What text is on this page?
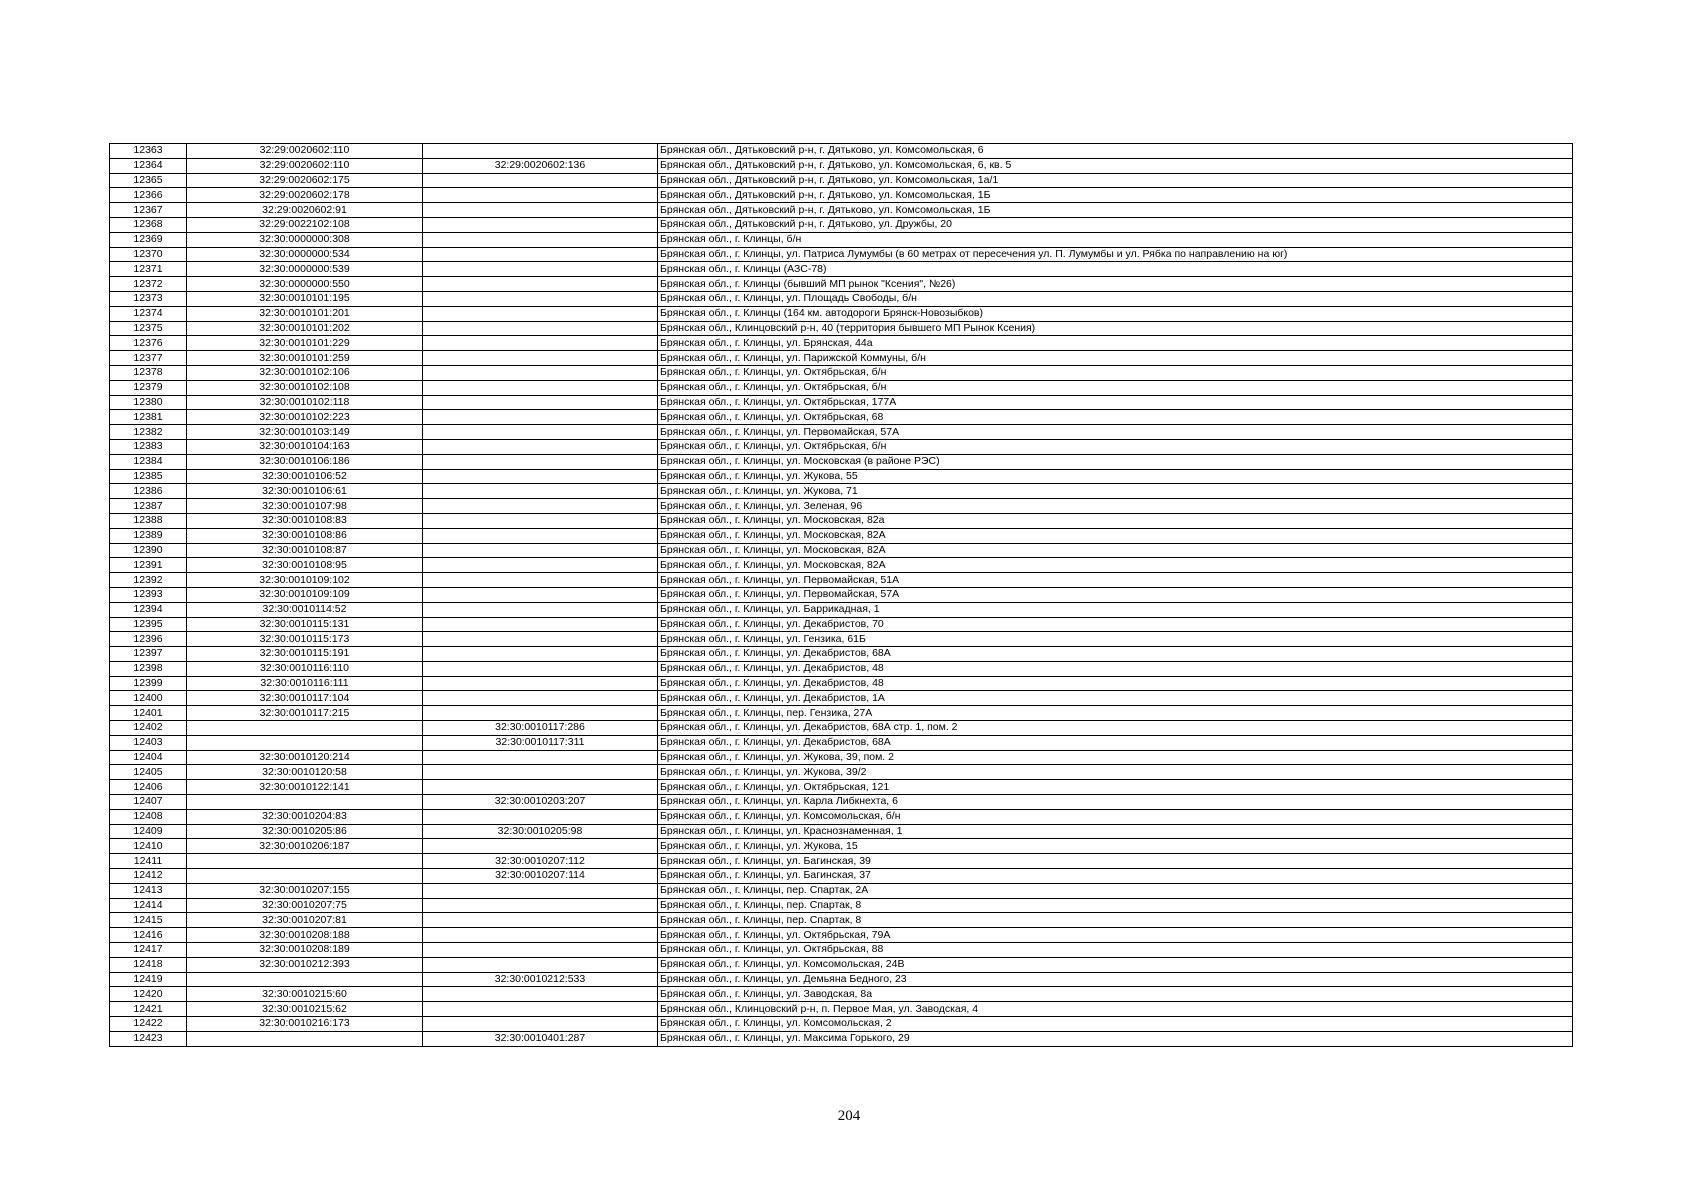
12363	32:29:0020602:110		Брянская обл., Дятьковский р-н, г. Дятьково, ул. Комсомольская, 6
12364	32:29:0020602:110	32:29:0020602:136	Брянская обл., Дятьковский р-н, г. Дятьково, ул. Комсомольская, 6, кв. 5
12365	32:29:0020602:175		Брянская обл., Дятьковский р-н, г. Дятьково, ул. Комсомольская, 1а/1
12366	32:29:0020602:178		Брянская обл., Дятьковский р-н, г. Дятьково, ул. Комсомольская, 1Б
12367	32:29:0020602:91		Брянская обл., Дятьковский р-н, г. Дятьково, ул. Комсомольская, 1Б
12368	32:29:0022102:108		Брянская обл., Дятьковский р-н, г. Дятьково, ул. Дружбы, 20
12369	32:30:0000000:308		Брянская обл., г. Клинцы, б/н
12370	32:30:0000000:534		Брянская обл., г. Клинцы, ул. Патриса Лумумбы (в 60 метрах от пересечения ул. П. Лумумбы и ул. Рябка по направлению на юг)
12371	32:30:0000000:539		Брянская обл., г. Клинцы (АЗС-78)
12372	32:30:0000000:550		Брянская обл., г. Клинцы (бывший МП рынок "Ксения", №26)
12373	32:30:0010101:195		Брянская обл., г. Клинцы, ул. Площадь Свободы, б/н
12374	32:30:0010101:201		Брянская обл., г. Клинцы (164 км. автодороги Брянск-Новозыбков)
12375	32:30:0010101:202		Брянская обл., Клинцовский р-н, 40 (территория бывшего МП Рынок Ксения)
12376	32:30:0010101:229		Брянская обл., г. Клинцы, ул. Брянская, 44а
12377	32:30:0010101:259		Брянская обл., г. Клинцы, ул. Парижской Коммуны, б/н
12378	32:30:0010102:106		Брянская обл., г. Клинцы, ул. Октябрьская, б/н
12379	32:30:0010102:108		Брянская обл., г. Клинцы, ул. Октябрьская, б/н
12380	32:30:0010102:118		Брянская обл., г. Клинцы, ул. Октябрьская, 177А
12381	32:30:0010102:223		Брянская обл., г. Клинцы, ул. Октябрьская, 68
12382	32:30:0010103:149		Брянская обл., г. Клинцы, ул. Первомайская, 57А
12383	32:30:0010104:163		Брянская обл., г. Клинцы, ул. Октябрьская, б/н
12384	32:30:0010106:186		Брянская обл., г. Клинцы, ул. Московская (в районе РЭС)
12385	32:30:0010106:52		Брянская обл., г. Клинцы, ул. Жукова, 55
12386	32:30:0010106:61		Брянская обл., г. Клинцы, ул. Жукова, 71
12387	32:30:0010107:98		Брянская обл., г. Клинцы, ул. Зеленая, 96
12388	32:30:0010108:83		Брянская обл., г. Клинцы, ул. Московская, 82а
12389	32:30:0010108:86		Брянская обл., г. Клинцы, ул. Московская, 82А
12390	32:30:0010108:87		Брянская обл., г. Клинцы, ул. Московская, 82А
12391	32:30:0010108:95		Брянская обл., г. Клинцы, ул. Московская, 82А
12392	32:30:0010109:102		Брянская обл., г. Клинцы, ул. Первомайская, 51А
12393	32:30:0010109:109		Брянская обл., г. Клинцы, ул. Первомайская, 57А
12394	32:30:0010114:52		Брянская обл., г. Клинцы, ул. Баррикадная, 1
12395	32:30:0010115:131		Брянская обл., г. Клинцы, ул. Декабристов, 70
12396	32:30:0010115:173		Брянская обл., г. Клинцы, ул. Гензика, 61Б
12397	32:30:0010115:191		Брянская обл., г. Клинцы, ул. Декабристов, 68А
12398	32:30:0010116:110		Брянская обл., г. Клинцы, ул. Декабристов, 48
12399	32:30:0010116:111		Брянская обл., г. Клинцы, ул. Декабристов, 48
12400	32:30:0010117:104		Брянская обл., г. Клинцы, ул. Декабристов, 1А
12401	32:30:0010117:215		Брянская обл., г. Клинцы, пер. Гензика, 27А
12402		32:30:0010117:286	Брянская обл., г. Клинцы, ул. Декабристов, 68А стр. 1, пом. 2
12403		32:30:0010117:311	Брянская обл., г. Клинцы, ул. Декабристов, 68А
12404	32:30:0010120:214		Брянская обл., г. Клинцы, ул. Жукова, 39, пом. 2
12405	32:30:0010120:58		Брянская обл., г. Клинцы, ул. Жукова, 39/2
12406	32:30:0010122:141		Брянская обл., г. Клинцы, ул. Октябрьская, 121
12407		32:30:0010203:207	Брянская обл., г. Клинцы, ул. Карла Либкнехта, 6
12408	32:30:0010204:83		Брянская обл., г. Клинцы, ул. Комсомольская, б/н
12409	32:30:0010205:86	32:30:0010205:98	Брянская обл., г. Клинцы, ул. Краснознаменная, 1
12410	32:30:0010206:187		Брянская обл., г. Клинцы, ул. Жукова, 15
12411		32:30:0010207:112	Брянская обл., г. Клинцы, ул. Багинская, 39
12412		32:30:0010207:114	Брянская обл., г. Клинцы, ул. Багинская, 37
12413	32:30:0010207:155		Брянская обл., г. Клинцы, пер. Спартак, 2А
12414	32:30:0010207:75		Брянская обл., г. Клинцы, пер. Спартак, 8
12415	32:30:0010207:81		Брянская обл., г. Клинцы, пер. Спартак, 8
12416	32:30:0010208:188		Брянская обл., г. Клинцы, ул. Октябрьская, 79А
12417	32:30:0010208:189		Брянская обл., г. Клинцы, ул. Октябрьская, 88
12418	32:30:0010212:393		Брянская обл., г. Клинцы, ул. Комсомольская, 24В
12419		32:30:0010212:533	Брянская обл., г. Клинцы, ул. Демьяна Бедного, 23
12420	32:30:0010215:60		Брянская обл., г. Клинцы, ул. Заводская, 8а
12421	32:30:0010215:62		Брянская обл., Клинцовский р-н, п. Первое Мая, ул. Заводская, 4
12422	32:30:0010216:173		Брянская обл., г. Клинцы, ул. Комсомольская, 2
12423		32:30:0010401:287	Брянская обл., г. Клинцы, ул. Максима Горького, 29
204
